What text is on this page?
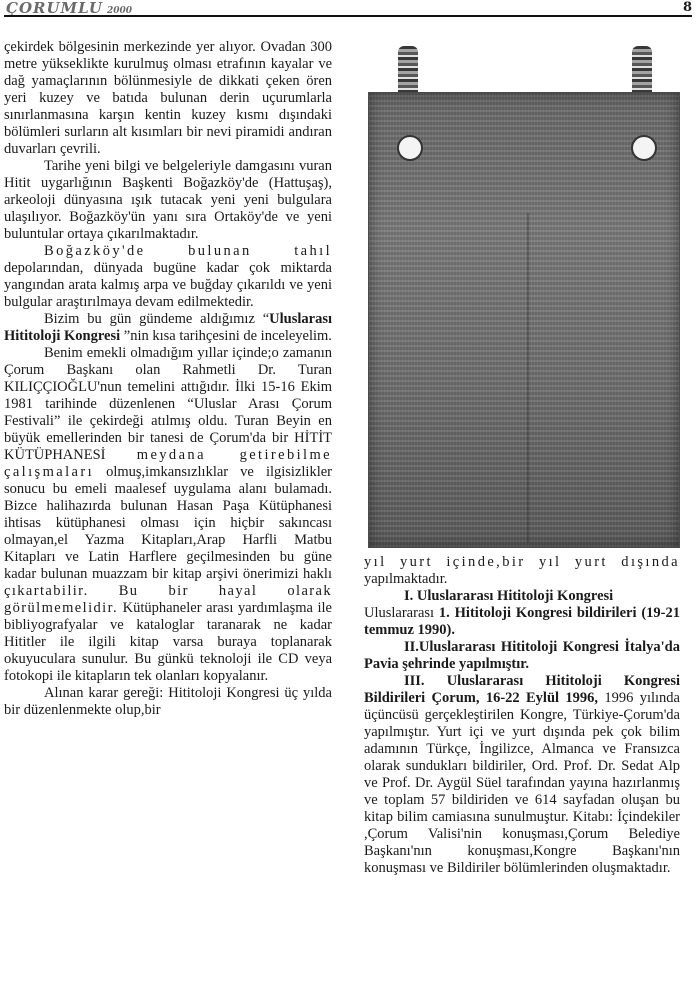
ÇORUMLU 2000	8

çekirdek bölgesinin merkezinde yer alıyor. Ovadan 300 metre yükseklikte kurulmuş olması etrafının kayalar ve dağ yamaçlarının bölünmesiyle de dikkati çeken ören yeri kuzey ve batıda bulunan derin uçurumlarla sınırlanmasına karşın kentin kuzey kısmı dışındaki bölümleri surların alt kısımları bir nevi piramidi andıran duvarları çevrili.

Tarihe yeni bilgi ve belgeleriyle damgasını vuran Hitit uygarlığının Başkenti Boğazköy'de (Hattuşaş), arkeoloji dünyasına ışık tutacak yeni yeni bulgulara ulaşılıyor. Boğazköy'ün yanı sıra Ortaköy'de ve yeni buluntular ortaya çıkarılmaktadır.

Boğazköy'de bulunan tahıl depolarından, dünyada bugüne kadar çok miktarda yangından arata kalmış arpa ve buğday çıkarıldı ve yeni bulgular araştırılmaya devam edilmektedir.

Bizim bu gün gündeme aldığımız “Uluslarası Hititoloji Kongresi ”nin kısa tarihçesini de inceleyelim.

Benim emekli olmadığım yıllar içinde;o zamanın Çorum Başkanı olan Rahmetli Dr. Turan KILIÇÇIOĞLU'nun temelini attığıdır. İlki 15-16 Ekim 1981 tarihinde düzenlenen “Uluslar Arası Çorum Festivali” ile çekirdeği atılmış oldu. Turan Beyin en büyük emellerinden bir tanesi de Çorum'da bir HİTİT KÜTÜPHANESİ meydana getirebilme çalışmaları olmuş,imkansızlıklar ve ilgisizlikler sonucu bu emeli maalesef uygulama alanı bulamadı. Bizce halihazırda bulunan Hasan Paşa Kütüphanesi ihtisas kütüphanesi olması için hiçbir sakıncası olmayan,el Yazma Kitapları,Arap Harfli Matbu Kitapları ve Latin Harflere geçilmesinden bu güne kadar bulunan muazzam bir kitap arşivi önerimizi haklı çıkartabilir. Bu bir hayal olarak görülmemelidir. Kütüphaneler arası yardımlaşma ile bibliyografyalar ve kataloglar taranarak ne kadar Hititler ile ilgili kitap varsa buraya toplanarak okuyuculara sunulur. Bu günkü teknoloji ile CD veya fotokopi ile kitapların tek olanları kopyalanır.

Alınan karar gereği: Hititoloji Kongresi üç yılda bir düzenlenmekte olup,bir

yıl yurt içinde,bir yıl yurt dışında yapılmaktadır.

I. Uluslararası Hititoloji Kongresi

Uluslararası 1. Hititoloji Kongresi bildirileri (19-21 temmuz 1990).

II.Uluslararası Hititoloji Kongresi İtalya'da Pavia şehrinde yapılmıştır.

III. Uluslararası Hititoloji Kongresi Bildirileri Çorum, 16-22 Eylül 1996, 1996 yılında üçüncüsü gerçekleştirilen Kongre, Türkiye-Çorum'da yapılmıştır. Yurt içi ve yurt dışında pek çok bilim adamının Türkçe, İngilizce, Almanca ve Fransızca olarak sundukları bildiriler, Ord. Prof. Dr. Sedat Alp ve Prof. Dr. Aygül Süel tarafından yayına hazırlanmış ve toplam 57 bildiriden ve 614 sayfadan oluşan bu kitap bilim camiasına sunulmuştur. Kitabı: İçindekiler ,Çorum Valisi'nin konuşması,Çorum Belediye Başkanı'nın konuşması,Kongre Başkanı'nın konuşması ve Bildiriler bölümlerinden oluşmaktadır.
